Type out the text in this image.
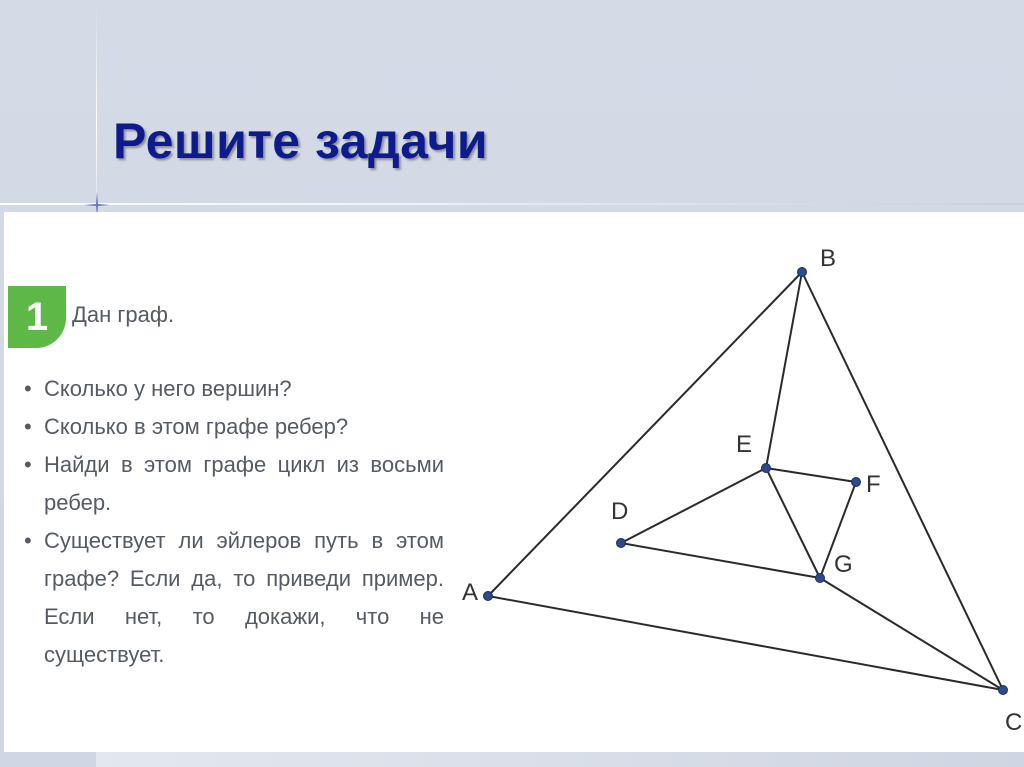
Решите задачи
1	Дан граф.
• Сколько у него вершин?
• Сколько в этом графе ребер?
• Найди в этом графе цикл из восьми ребер.
• Существует ли эйлеров путь в этом графе? Если да, то приведи пример. Если нет, то докажи, что не существует.
A
B
C
D
E
F
G
